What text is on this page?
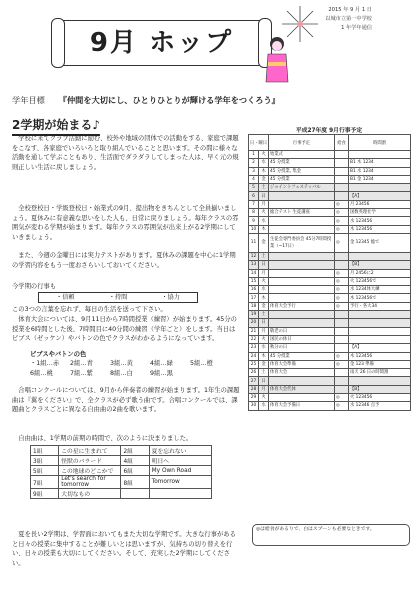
9月 ホップ
2015 年 9 月 1 日
以城市立第一中学校
1 年学年通信
学年目標 『仲間を大切にし、ひとりひとりが輝ける学年をつくろう』
2学期が始まる♪
学校に来てクラブ活動に励む、校外や地域の団体での活動をする、家庭で課題をこなす、各家庭でいろいろと取り組んでいることと思います。その間に様々な活動を通して学ぶこともあり、生活面でダラダラしてしまった人は、早く元の規則正しい生活に戻しましょう。
全校登校日・学級登校日・始業式の9月、提出物をきちんとして全員揃いましょう。夏休みに有意義な思いをした人も、日常に戻りましょう。毎年クラスの雰囲気が変わる学期が始まります。毎年クラスの雰囲気が出来上がる2学期にしていきましょう。
また、今週の金曜日には実力テストがあります。夏休みの課題を中心に1学期の学習内容をもう一度おさらいしておいてください。
今学期の行事も
・信頼	・持間	・協力
この3つの言葉を忘れず、毎日の生活を送って下さい。
体育大会については、9月11日から7時間授業（練習）が始まります。45分の授業を6時間とした後、7時間目に40分間の練習（学年ごと）をします。当日はビブス（ゼッケン）やバトンの色でクラスがわかるようになっています。
ビブスやバトンの色
・1組…赤	2組…青	3組…黄	4組…緑	5組…橙
6組…桃	7組…紫	8組…白	9組…黒
合唱コンクールについては、9月から伴奏者の練習が始まります。1年生の課題曲は『翼をください』で、全クラスが必ず歌う曲です。合唱コンクールでは、課題曲とクラスごとに異なる自由曲の2曲を歌います。
自由曲は、1学期の前期の時間で、次のように決まりました。
1組	この星に生まれて	2組	夏を忘れない
3組	怪獣のバラード	4組	明日へ
5組	この地球のどこかで	6組	My Own Road
7組	Let's search for tomorrow	8組	Tomorrow
9組	大切なもの		
夏を長い2学期は、学習面においてもまた大切な学期です。大きな行事があると日々の授業に集中することが難しいとは思いますが、気持ちの切り替えを行い、日々の授業も大切にしてください。そして、充実した2学期にしてください。
平成27年度 9月行事予定
日・曜日		行事予定	給食	時間割
1	火	始業式		
2	水	45 分授業		B1 木 1234
3	木	45 分授業, 集金		B1 水 1234
4	金	45 分授業		B1 金 1234
5	土	ジョイントフェスティバル		
6	日			【A】
7	月		◎	月 23456
8	火	総合テスト 生徒講座	◎	国数英理社学
9	水		◎	水 123456
10	木		◎	木 123456
11	金	生徒会専門委員会 45分7時間授業（~17日）	◎	金 12345 総で
12	土			
13	日			【B】
14	月		◎	月 2456に2
15	火		◎	火 123456で
16	水		◎	水 1234体大練
17	木		◎	木 123456で
18	金	体育大会予行	◎	予行・各大34
19	土			
20	日			
21	月	敬老の日		
22	火	国民の休日		
23	水	秋分の日		【A】
24	木	45 分授業	◎	木 123456
25	金	体育大会準備	◎	金 123 準備
26	土	体育大会		雨天 26 日の時間割
27	日			
28	月	体育大会代休		【B】
29	火		◎	火 123456
30	水	体育大会予備日	◎	水 12346 点予
◎は給食があるりで、白はスプーンも必要なときです。
